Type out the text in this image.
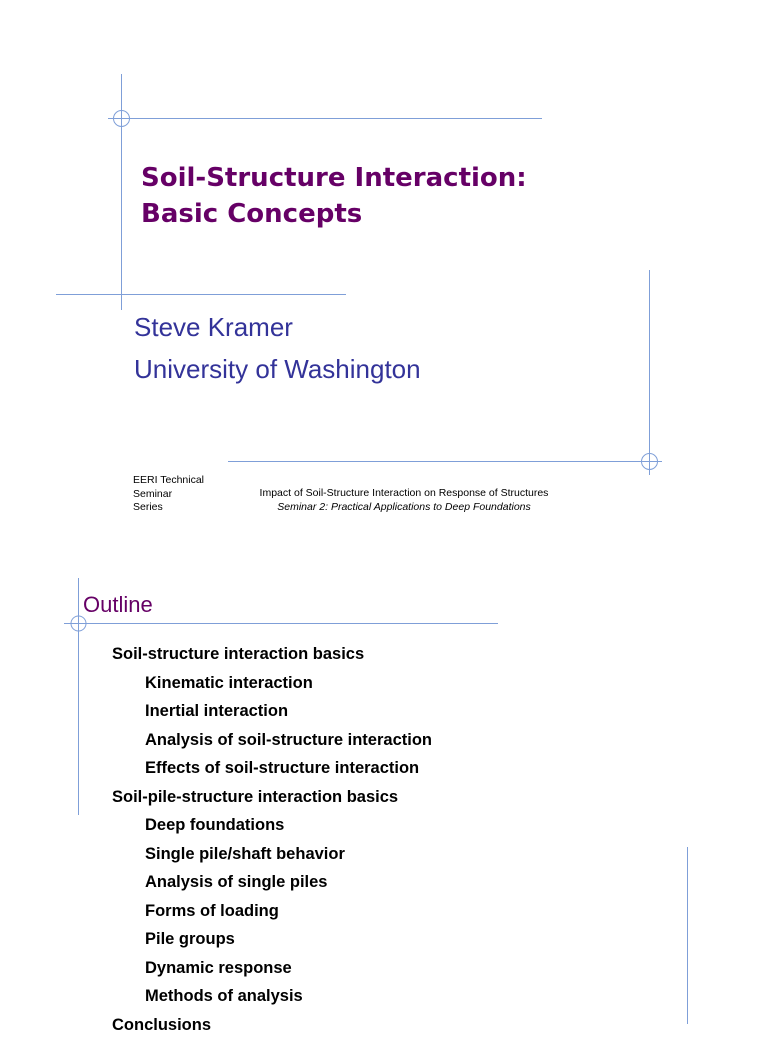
Soil-Structure Interaction:
Basic Concepts
Steve Kramer
University of Washington
EERI Technical
Seminar
Series
Impact of Soil-Structure Interaction on Response of Structures
Seminar 2: Practical Applications to Deep Foundations
Outline
Soil-structure interaction basics
Kinematic interaction
Inertial interaction
Analysis of soil-structure interaction
Effects of soil-structure interaction
Soil-pile-structure interaction basics
Deep foundations
Single pile/shaft behavior
Analysis of single piles
Forms of loading
Pile groups
Dynamic response
Methods of analysis
Conclusions
